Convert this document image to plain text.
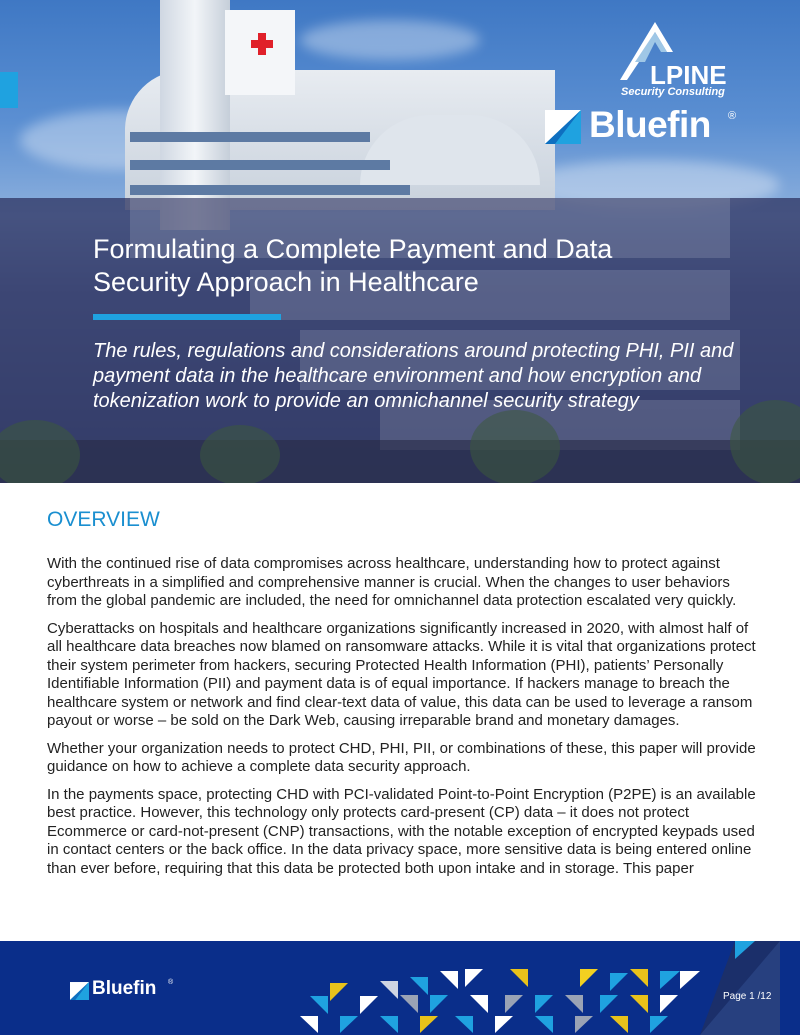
LPINE
Security Consulting
Bluefin ®
Formulating a Complete Payment and Data Security Approach in Healthcare

The rules, regulations and considerations around protecting PHI, PII and payment data in the healthcare environment and how encryption and tokenization work to provide an omnichannel security strategy

OVERVIEW

With the continued rise of data compromises across healthcare, understanding how to protect against cyberthreats in a simplified and comprehensive manner is crucial. When the changes to user behaviors from the global pandemic are included, the need for omnichannel data protection escalated very quickly.

Cyberattacks on hospitals and healthcare organizations significantly increased in 2020, with almost half of all healthcare data breaches now blamed on ransomware attacks. While it is vital that organizations protect their system perimeter from hackers, securing Protected Health Information (PHI), patients’ Personally Identifiable Information (PII) and payment data is of equal importance. If hackers manage to breach the healthcare system or network and find clear-text data of value, this data can be used to leverage a ransom payout or worse – be sold on the Dark Web, causing irreparable brand and monetary damages.

Whether your organization needs to protect CHD, PHI, PII, or combinations of these, this paper will provide guidance on how to achieve a complete data security approach.

In the payments space, protecting CHD with PCI-validated Point-to-Point Encryption (P2PE) is an available best practice. However, this technology only protects card-present (CP) data – it does not protect Ecommerce or card-not-present (CNP) transactions, with the notable exception of encrypted keypads used in contact centers or the back office. In the data privacy space, more sensitive data is being entered online than ever before, requiring that this data be protected both upon intake and in storage. This paper

Bluefin ®
Page 1 /12
